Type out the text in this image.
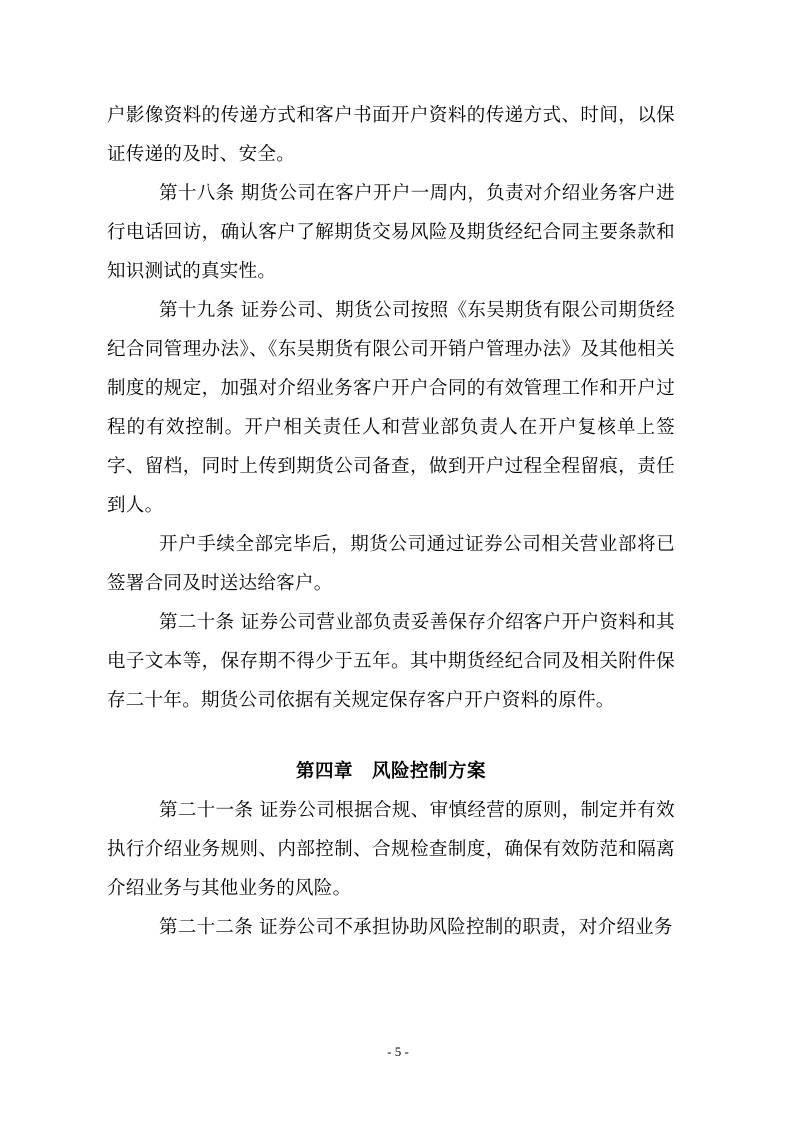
户影像资料的传递方式和客户书面开户资料的传递方式、时间，以保证传递的及时、安全。

第十八条 期货公司在客户开户一周内，负责对介绍业务客户进行电话回访，确认客户了解期货交易风险及期货经纪合同主要条款和知识测试的真实性。

第十九条 证券公司、期货公司按照《东吴期货有限公司期货经纪合同管理办法》、《东吴期货有限公司开销户管理办法》及其他相关制度的规定，加强对介绍业务客户开户合同的有效管理工作和开户过程的有效控制。开户相关责任人和营业部负责人在开户复核单上签字、留档，同时上传到期货公司备查，做到开户过程全程留痕，责任到人。

开户手续全部完毕后，期货公司通过证券公司相关营业部将已签署合同及时送达给客户。

第二十条 证券公司营业部负责妥善保存介绍客户开户资料和其电子文本等，保存期不得少于五年。其中期货经纪合同及相关附件保存二十年。期货公司依据有关规定保存客户开户资料的原件。

第四章　风险控制方案

第二十一条 证券公司根据合规、审慎经营的原则，制定并有效执行介绍业务规则、内部控制、合规检查制度，确保有效防范和隔离介绍业务与其他业务的风险。

第二十二条 证券公司不承担协助风险控制的职责，对介绍业务

- 5 -
